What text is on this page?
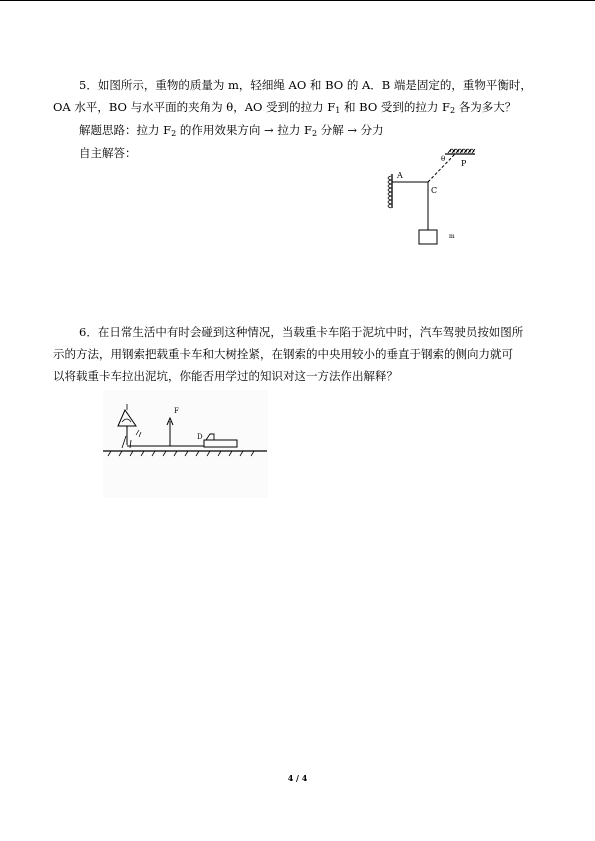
5．如图所示，重物的质量为 m，轻细绳 AO 和 BO 的 A．B 端是固定的，重物平衡时，
OA 水平，BO 与水平面的夹角为 θ，AO 受到的拉力 $F_1$ 和 BO 受到的拉力 $F_2$ 各为多大？
解题思路：拉力 $F_2$ 的作用效果方向 → 拉力 $F_2$ 分解 → 分力
自主解答：
A
C
θ P
m
6．在日常生活中有时会碰到这种情况，当载重卡车陷于泥坑中时，汽车驾驶员按如图所
示的方法，用钢索把载重卡车和大树拴紧，在钢索的中央用较小的垂直于钢索的侧向力就可
以将载重卡车拉出泥坑，你能否用学过的知识对这一方法作出解释？
F
D
4 / 4
